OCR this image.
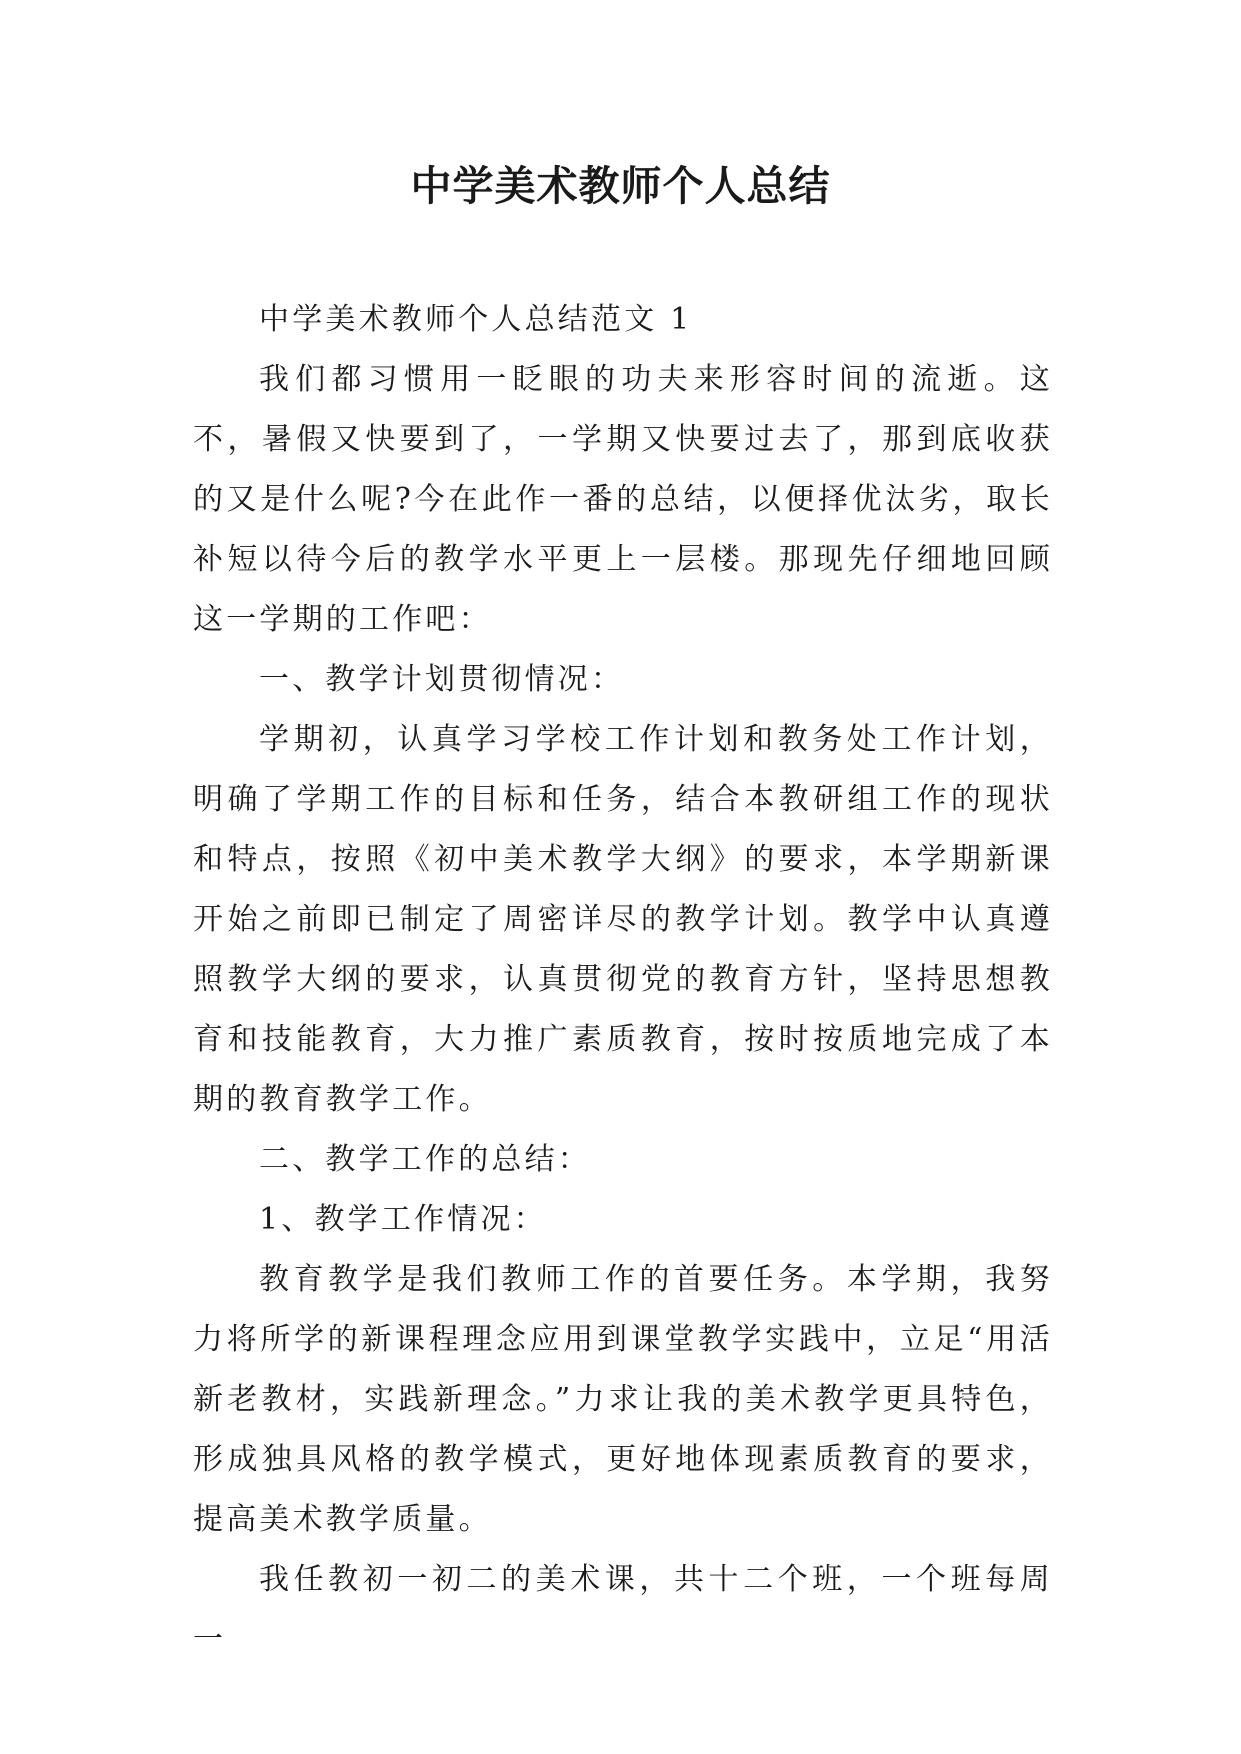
中学美术教师个人总结

中学美术教师个人总结范文 1

我们都习惯用一眨眼的功夫来形容时间的流逝。这不，暑假又快要到了，一学期又快要过去了，那到底收获的又是什么呢?今在此作一番的总结，以便择优汰劣，取长补短以待今后的教学水平更上一层楼。那现先仔细地回顾这一学期的工作吧：

一、教学计划贯彻情况：

学期初，认真学习学校工作计划和教务处工作计划，明确了学期工作的目标和任务，结合本教研组工作的现状和特点，按照《初中美术教学大纲》的要求，本学期新课开始之前即已制定了周密详尽的教学计划。教学中认真遵照教学大纲的要求，认真贯彻党的教育方针，坚持思想教育和技能教育，大力推广素质教育，按时按质地完成了本期的教育教学工作。

二、教学工作的总结：

1、教学工作情况：

教育教学是我们教师工作的首要任务。本学期，我努力将所学的新课程理念应用到课堂教学实践中，立足“用活新老教材，实践新理念。”力求让我的美术教学更具特色，形成独具风格的教学模式，更好地体现素质教育的要求，提高美术教学质量。

我任教初一初二的美术课，共十二个班，一个班每周一
